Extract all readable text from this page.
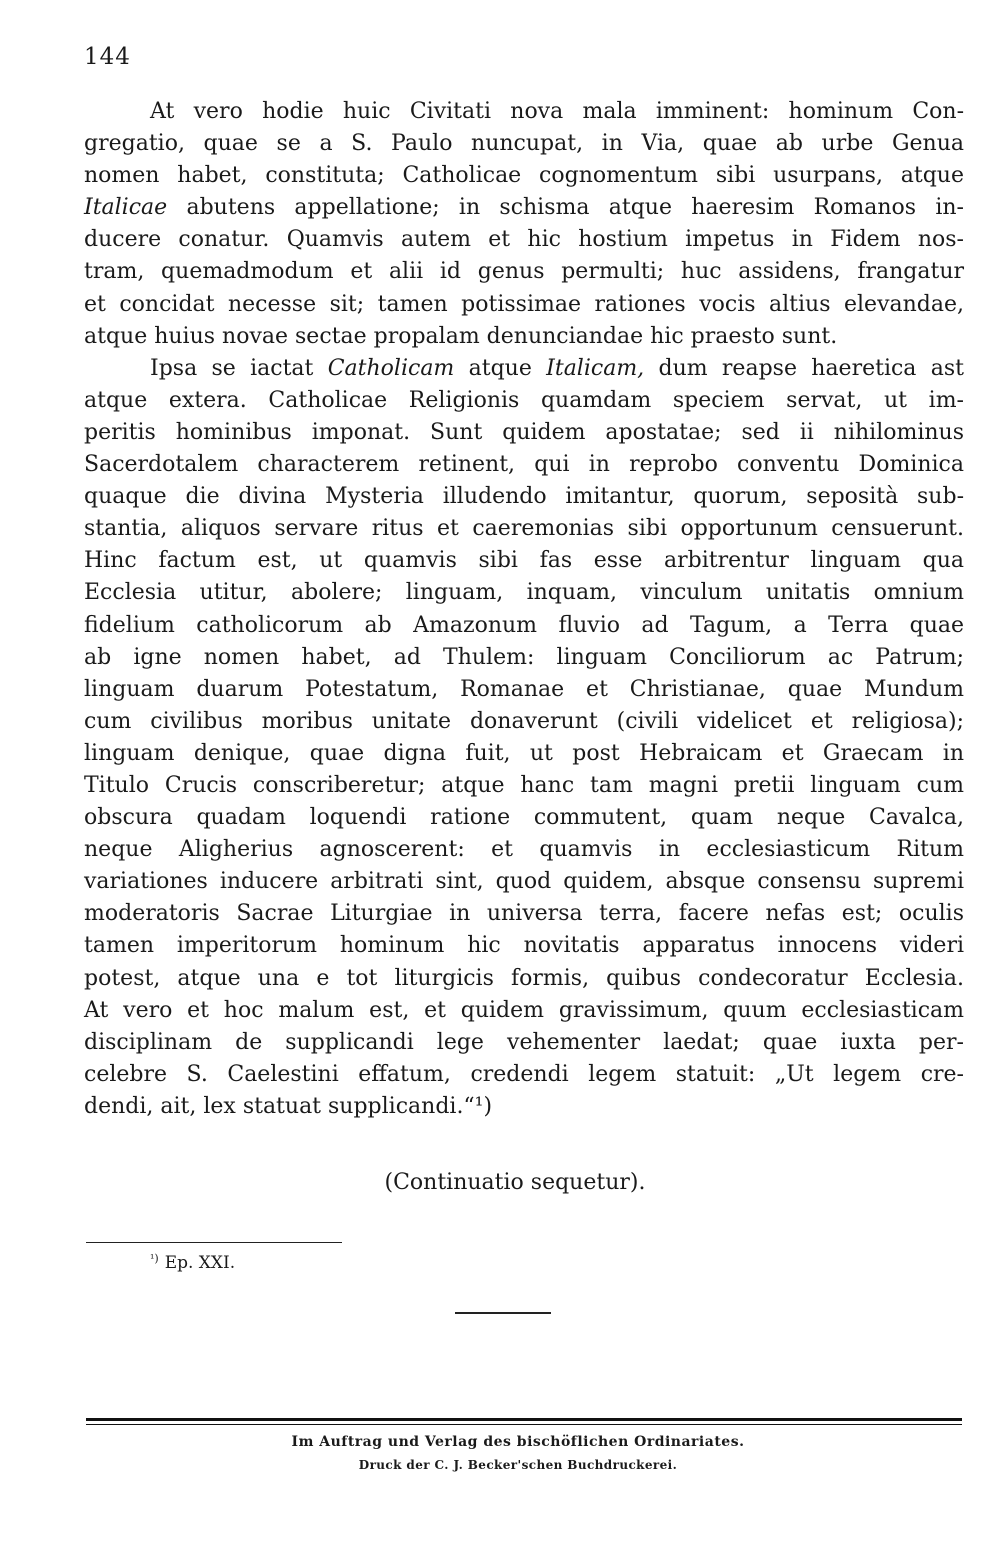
144
At vero hodie huic Civitati nova mala imminent: hominum Con-
gregatio, quae se a S. Paulo nuncupat, in Via, quae ab urbe Genua
nomen habet, constituta; Catholicae cognomentum sibi usurpans, atque
Italicae abutens appellatione; in schisma atque haeresim Romanos in-
ducere conatur. Quamvis autem et hic hostium impetus in Fidem nos-
tram, quemadmodum et alii id genus permulti; huc assidens, frangatur
et concidat necesse sit; tamen potissimae rationes vocis altius elevandae,
atque huius novae sectae propalam denunciandae hic praesto sunt.
Ipsa se iactat Catholicam atque Italicam, dum reapse haeretica ast
atque extera. Catholicae Religionis quamdam speciem servat, ut im-
peritis hominibus imponat. Sunt quidem apostatae; sed ii nihilominus
Sacerdotalem characterem retinent, qui in reprobo conventu Dominica
quaque die divina Mysteria illudendo imitantur, quorum, seposità sub-
stantia, aliquos servare ritus et caeremonias sibi opportunum censuerunt.
Hinc factum est, ut quamvis sibi fas esse arbitrentur linguam qua
Ecclesia utitur, abolere; linguam, inquam, vinculum unitatis omnium
fidelium catholicorum ab Amazonum fluvio ad Tagum, a Terra quae
ab igne nomen habet, ad Thulem: linguam Conciliorum ac Patrum;
linguam duarum Potestatum, Romanae et Christianae, quae Mundum
cum civilibus moribus unitate donaverunt (civili videlicet et religiosa);
linguam denique, quae digna fuit, ut post Hebraicam et Graecam in
Titulo Crucis conscriberetur; atque hanc tam magni pretii linguam cum
obscura quadam loquendi ratione commutent, quam neque Cavalca,
neque Aligherius agnoscerent: et quamvis in ecclesiasticum Ritum
variationes inducere arbitrati sint, quod quidem, absque consensu supremi
moderatoris Sacrae Liturgiae in universa terra, facere nefas est; oculis
tamen imperitorum hominum hic novitatis apparatus innocens videri
potest, atque una e tot liturgicis formis, quibus condecoratur Ecclesia.
At vero et hoc malum est, et quidem gravissimum, quum ecclesiasticam
disciplinam de supplicandi lege vehementer laedat; quae iuxta per-
celebre S. Caelestini effatum, credendi legem statuit: „Ut legem cre-
dendi, ait, lex statuat supplicandi.“¹)
(Continuatio sequetur).
$^{^1)}$ Ep. XXI.
Im Auftrag und Verlag des bischöflichen Ordinariates.
Druck der C. J. Becker'schen Buchdruckerei.
